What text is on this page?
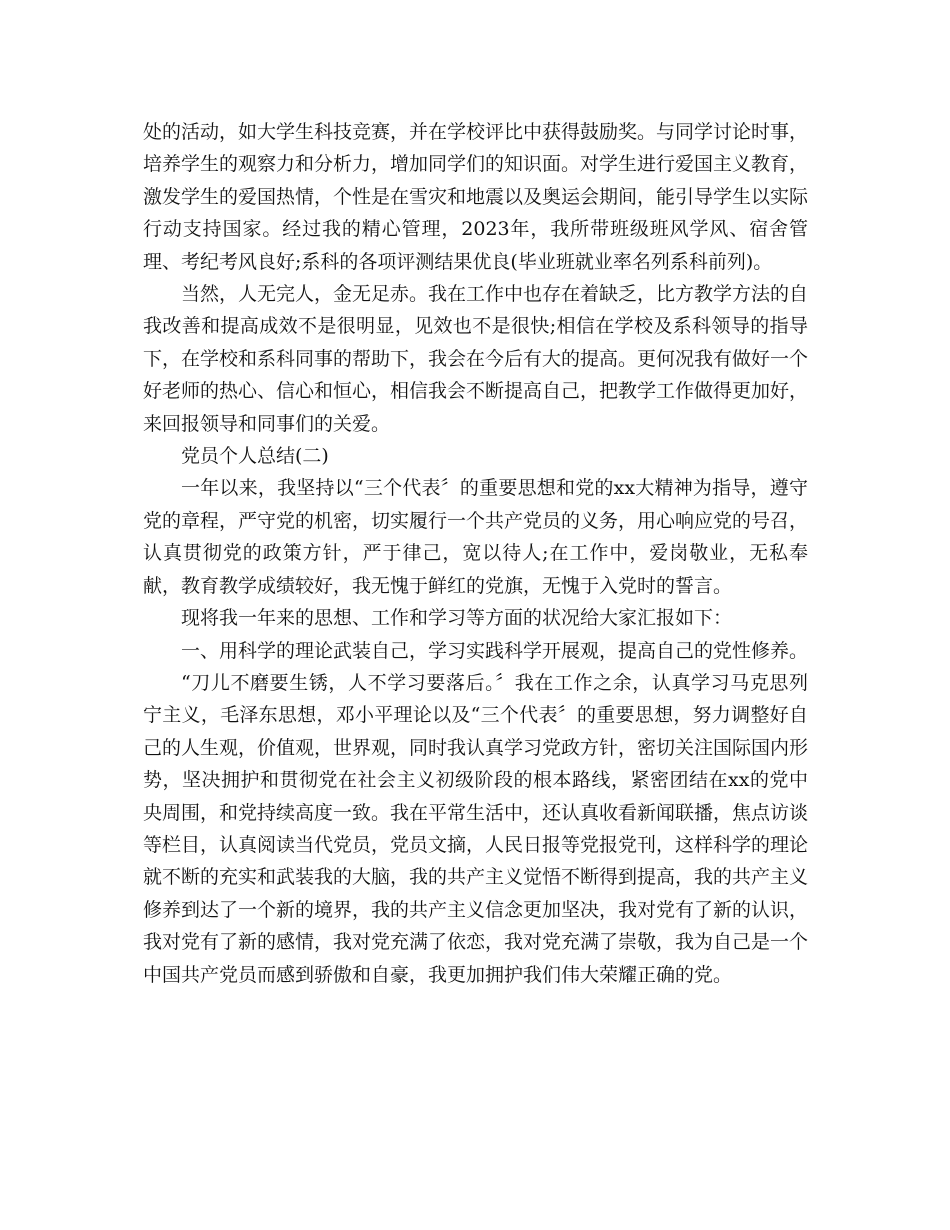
处的活动，如大学生科技竞赛，并在学校评比中获得鼓励奖。与同学讨论时事，培养学生的观察力和分析力，增加同学们的知识面。对学生进行爱国主义教育，激发学生的爱国热情，个性是在雪灾和地震以及奥运会期间，能引导学生以实际行动支持国家。经过我的精心管理，2023年，我所带班级班风学风、宿舍管理、考纪考风良好;系科的各项评测结果优良(毕业班就业率名列系科前列)。

当然，人无完人，金无足赤。我在工作中也存在着缺乏，比方教学方法的自我改善和提高成效不是很明显，见效也不是很快;相信在学校及系科领导的指导下，在学校和系科同事的帮助下，我会在今后有大的提高。更何况我有做好一个好老师的热心、信心和恒心，相信我会不断提高自己，把教学工作做得更加好，来回报领导和同事们的关爱。

党员个人总结(二)

一年以来，我坚持以“三个代表〞的重要思想和党的xx大精神为指导，遵守党的章程，严守党的机密，切实履行一个共产党员的义务，用心响应党的号召，认真贯彻党的政策方针，严于律己，宽以待人;在工作中，爱岗敬业，无私奉献，教育教学成绩较好，我无愧于鲜红的党旗，无愧于入党时的誓言。

现将我一年来的思想、工作和学习等方面的状况给大家汇报如下：

一、用科学的理论武装自己，学习实践科学开展观，提高自己的党性修养。

“刀儿不磨要生锈，人不学习要落后。〞我在工作之余，认真学习马克思列宁主义，毛泽东思想，邓小平理论以及“三个代表〞的重要思想，努力调整好自己的人生观，价值观，世界观，同时我认真学习党政方针，密切关注国际国内形势，坚决拥护和贯彻党在社会主义初级阶段的根本路线，紧密团结在xx的党中央周围，和党持续高度一致。我在平常生活中，还认真收看新闻联播，焦点访谈等栏目，认真阅读当代党员，党员文摘，人民日报等党报党刊，这样科学的理论就不断的充实和武装我的大脑，我的共产主义觉悟不断得到提高，我的共产主义修养到达了一个新的境界，我的共产主义信念更加坚决，我对党有了新的认识，我对党有了新的感情，我对党充满了依恋，我对党充满了崇敬，我为自己是一个中国共产党员而感到骄傲和自豪，我更加拥护我们伟大荣耀正确的党。
